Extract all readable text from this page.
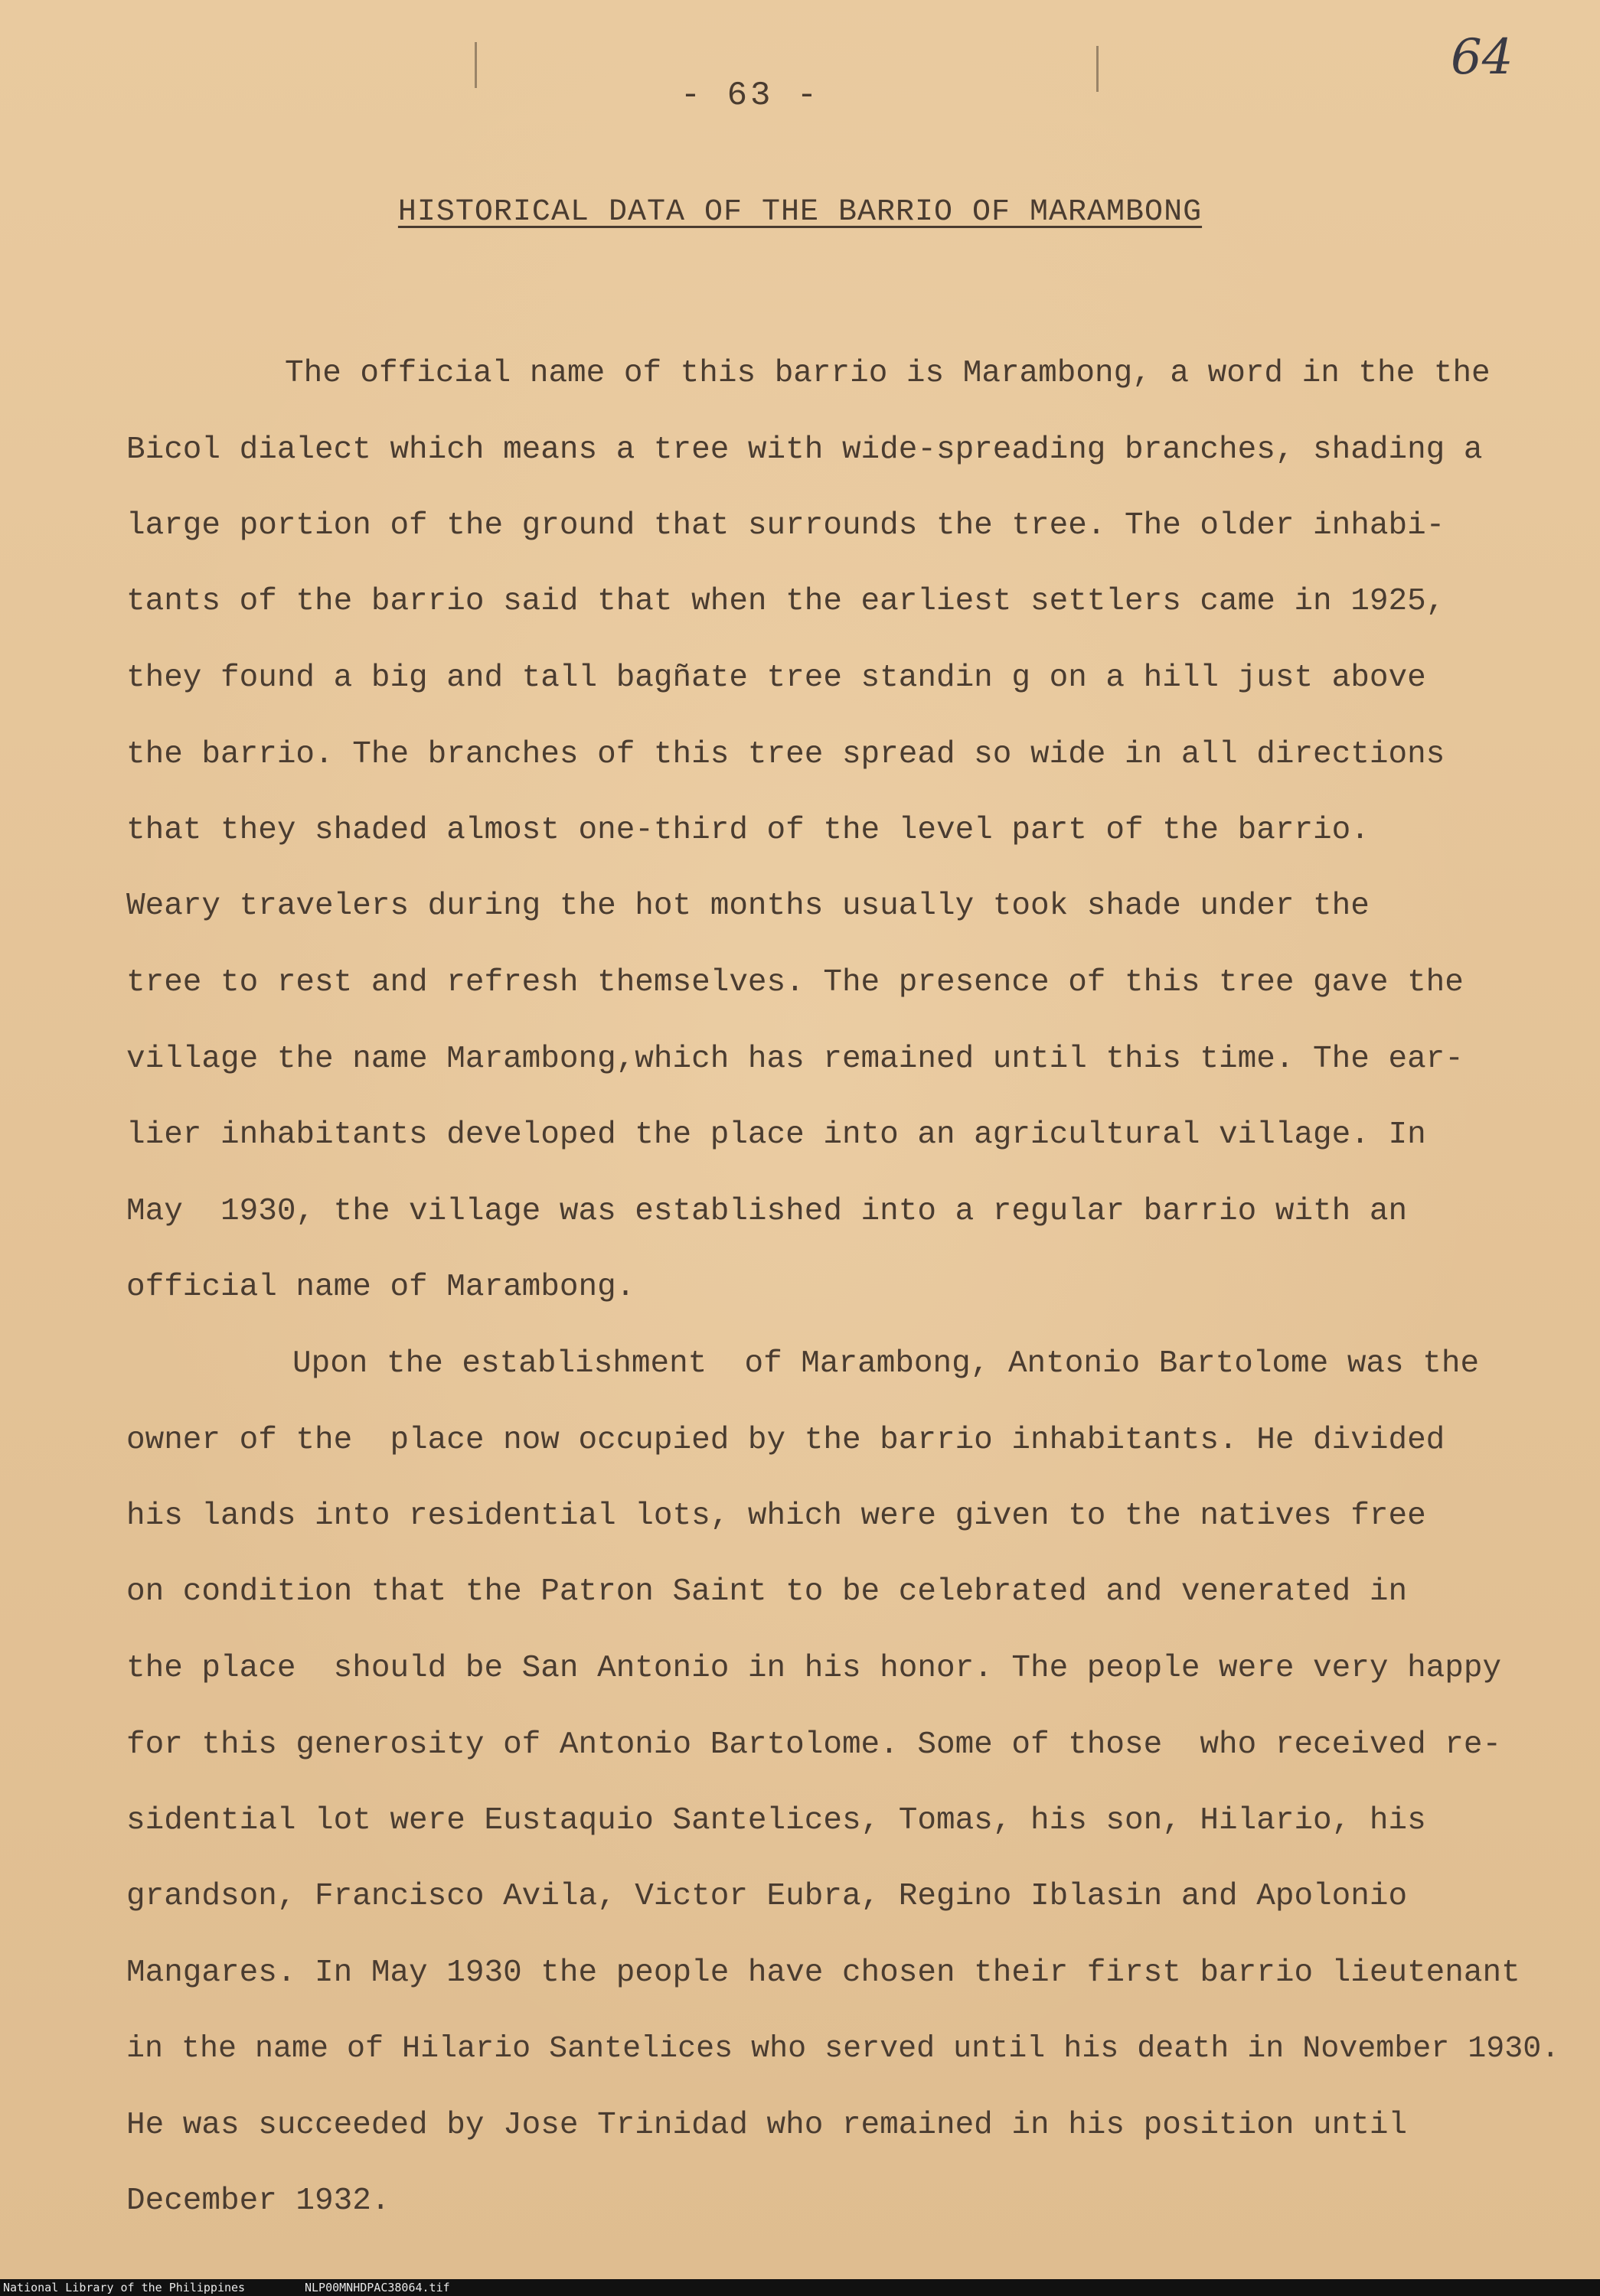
- 63 -
64
HISTORICAL DATA OF THE BARRIO OF MARAMBONG
The official name of this barrio is Marambong, a word in the the
Bicol dialect which means a tree with wide-spreading branches, shading a
large portion of the ground that surrounds the tree. The older inhabi-
tants of the barrio said that when the earliest settlers came in 1925,
they found a big and tall bagñate tree standin g on a hill just above
the barrio. The branches of this tree spread so wide in all directions
that they shaded almost one-third of the level part of the barrio.
Weary travelers during the hot months usually took shade under the
tree to rest and refresh themselves. The presence of this tree gave the
village the name Marambong,which has remained until this time. The ear-
lier inhabitants developed the place into an agricultural village. In
May  1930, the village was established into a regular barrio with an
official name of Marambong.
Upon the establishment  of Marambong, Antonio Bartolome was the
owner of the  place now occupied by the barrio inhabitants. He divided
his lands into residential lots, which were given to the natives free
on condition that the Patron Saint to be celebrated and venerated in
the place  should be San Antonio in his honor. The people were very happy
for this generosity of Antonio Bartolome. Some of those  who received re-
sidential lot were Eustaquio Santelices, Tomas, his son, Hilario, his
grandson, Francisco Avila, Victor Eubra, Regino Iblasin and Apolonio
Mangares. In May 1930 the people have chosen their first barrio lieutenant
in the name of Hilario Santelices who served until his death in November 1930.
He was succeeded by Jose Trinidad who remained in his position until
December 1932.
National Library of the Philippines	NLP00MNHDPAC38064.tif
